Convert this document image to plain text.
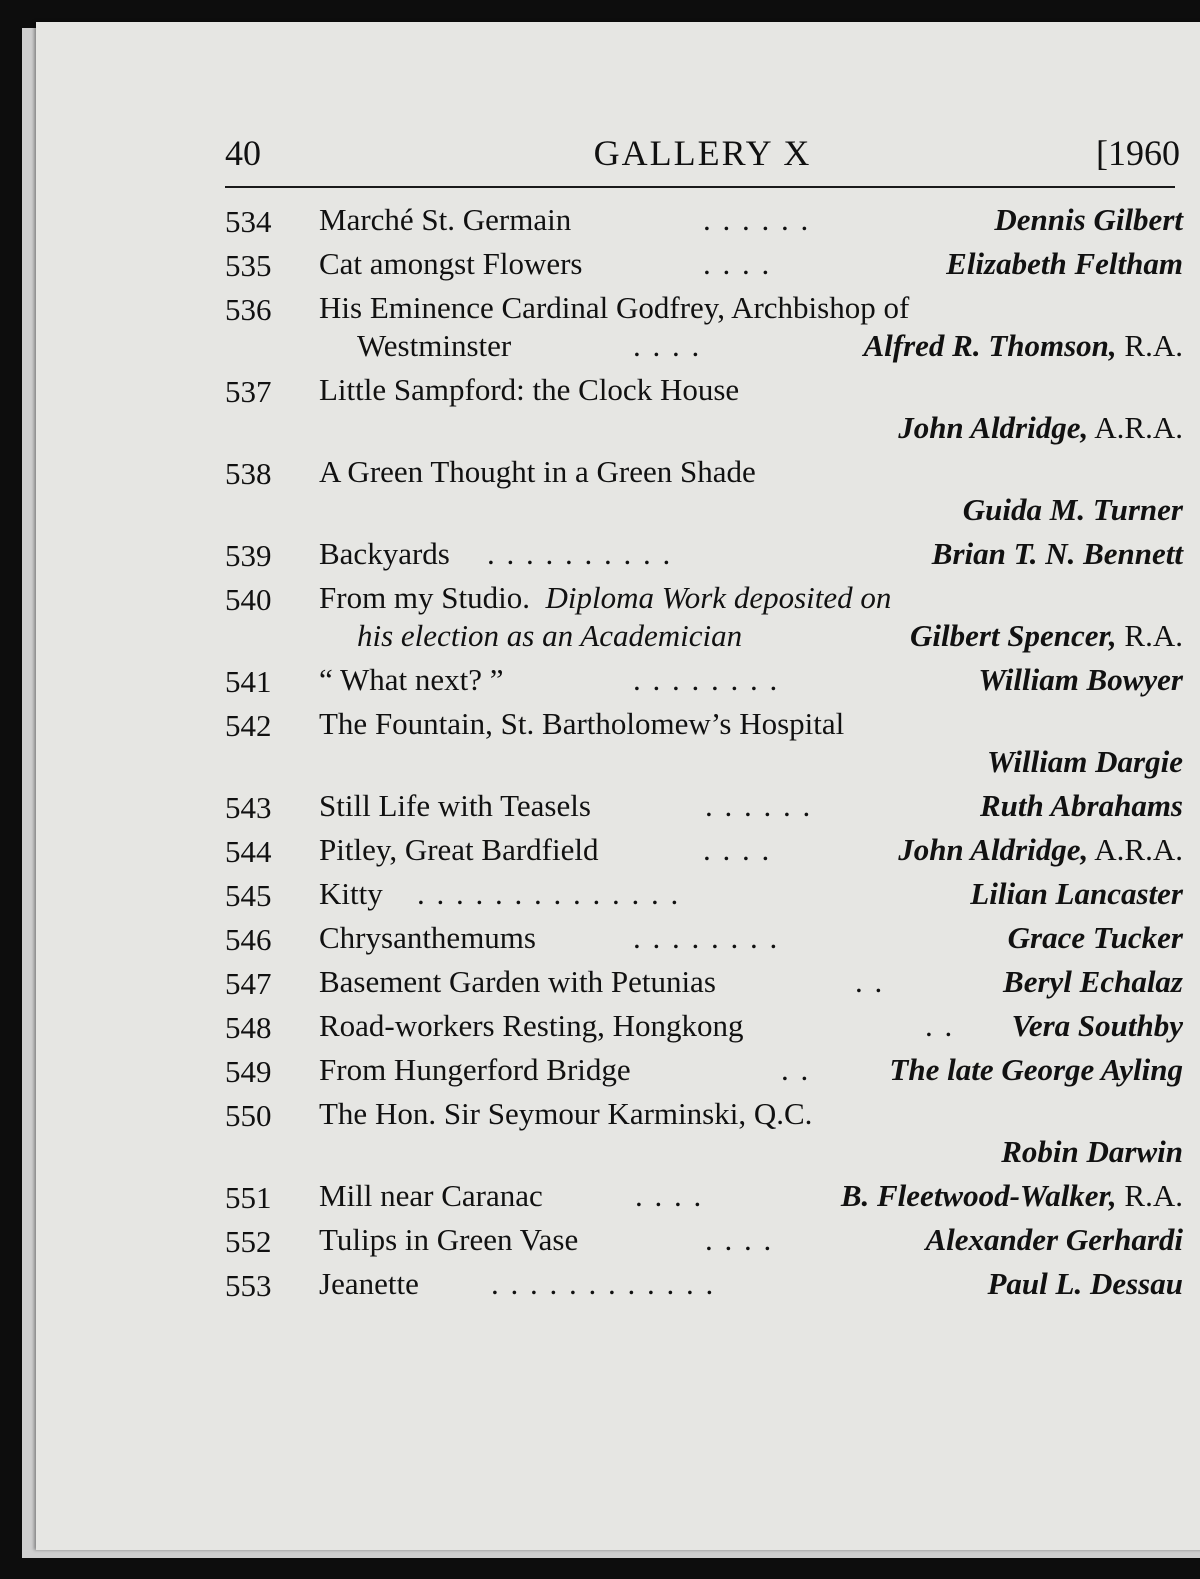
40	GALLERY X	[1960
534 Marché St. Germain	. . . . . .	Dennis Gilbert
535 Cat amongst Flowers	. . . .	Elizabeth Feltham
536 His Eminence Cardinal Godfrey, Archbishop of
Westminster	. . . .	Alfred R. Thomson, R.A.
537 Little Sampford: the Clock House
John Aldridge, A.R.A.
538 A Green Thought in a Green Shade
Guida M. Turner
539 Backyards . . . . . . . . . .	Brian T. N. Bennett
540 From my Studio. Diploma Work deposited on
his election as an Academician	Gilbert Spencer, R.A.
541 “ What next? ”	. . . . . . . .	William Bowyer
542 The Fountain, St. Bartholomew’s Hospital
William Dargie
543 Still Life with Teasels	. . . . . .	Ruth Abrahams
544 Pitley, Great Bardfield	. . . .	John Aldridge, A.R.A.
545 Kitty . . . . . . . . . . . . . .	Lilian Lancaster
546 Chrysanthemums	. . . . . . . .	Grace Tucker
547 Basement Garden with Petunias	. .	Beryl Echalaz
548 Road-workers Resting, Hongkong	. . Vera Southby
549 From Hungerford Bridge	. .	The late George Ayling
550 The Hon. Sir Seymour Karminski, Q.C.
Robin Darwin
551 Mill near Caranac	. . . .	B. Fleetwood-Walker, R.A.
552 Tulips in Green Vase	. . . .	Alexander Gerhardi
553 Jeanette . . . . . . . . . . . .	Paul L. Dessau
